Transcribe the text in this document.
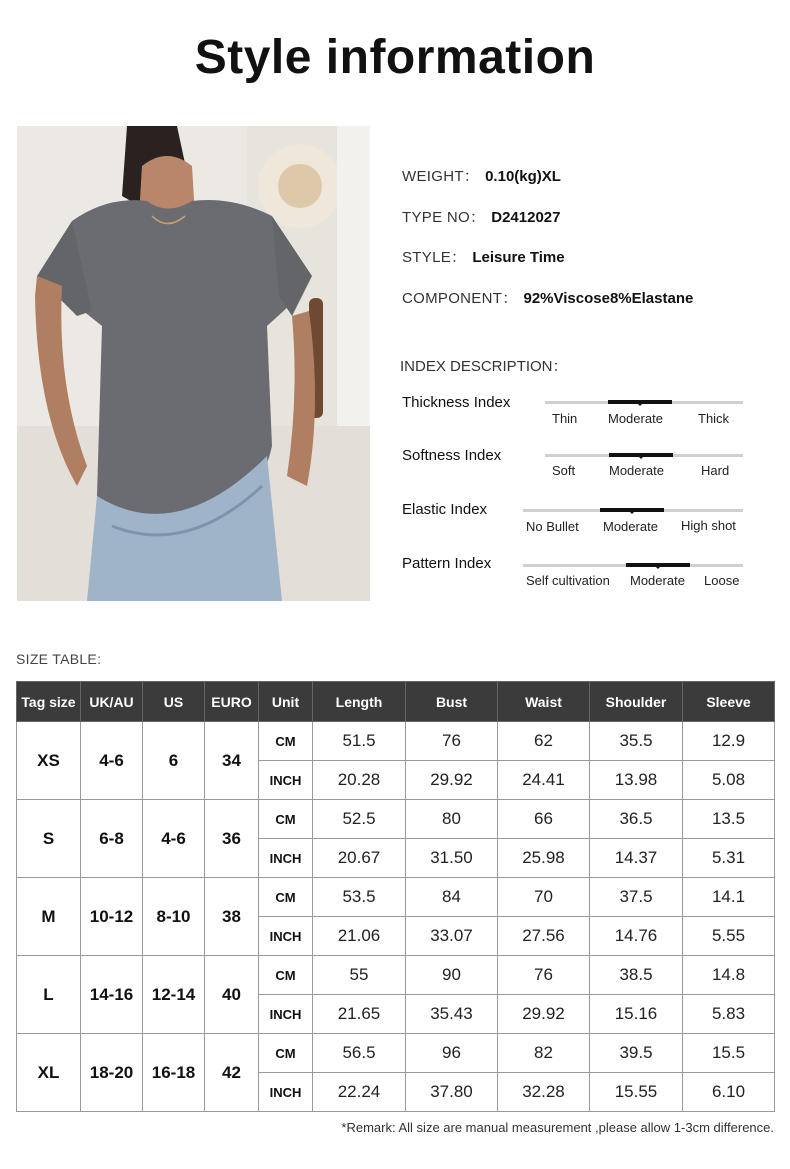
Style information
WEIGHT： 0.10(kg)XL
TYPE NO： D2412027
STYLE： Leisure Time
COMPONENT： 92%Viscose8%Elastane
INDEX DESCRIPTION：
Thickness Index
Thin Moderate	Thick
Softness Index
Soft	Moderate	Hard
Elastic Index
No Bullet Moderate High shot
Pattern Index
Self cultivation Moderate Loose
SIZE TABLE:
Tag size	UK/AU	US	EURO	Unit	Length	Bust	Waist	Shoulder	Sleeve
XS	4-6	6	34	CM	51.5	76	62	35.5	12.9
				INCH	20.28	29.92	24.41	13.98	5.08
S	6-8	4-6	36	CM	52.5	80	66	36.5	13.5
				INCH	20.67	31.50	25.98	14.37	5.31
M	10-12	8-10	38	CM	53.5	84	70	37.5	14.1
				INCH	21.06	33.07	27.56	14.76	5.55
L	14-16	12-14	40	CM	55	90	76	38.5	14.8
				INCH	21.65	35.43	29.92	15.16	5.83
XL	18-20	16-18	42	CM	56.5	96	82	39.5	15.5
				INCH	22.24	37.80	32.28	15.55	6.10
*Remark: All size are manual measurement ,please allow 1-3cm difference.
